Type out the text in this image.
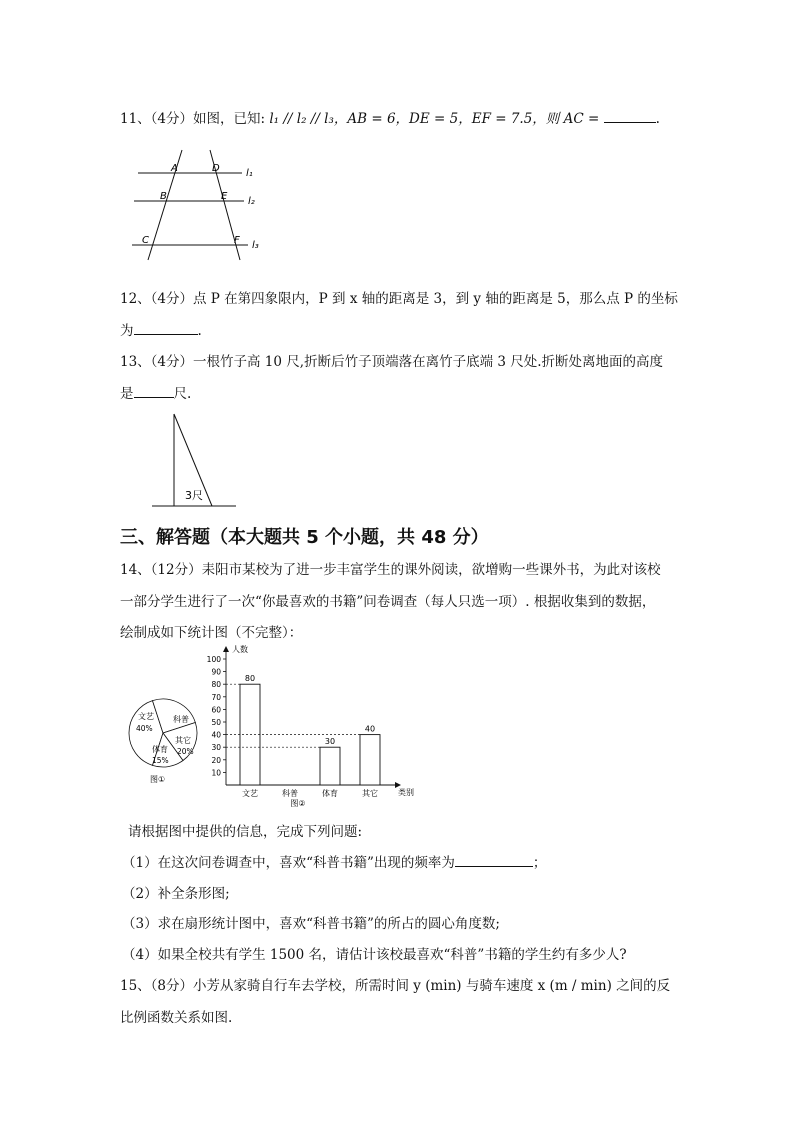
11、（4分）如图，已知: l₁ // l₂ // l₃，AB = 6，DE = 5，EF = 7.5，则 AC =	.
A	D
B	E
C	F
l₁
l₂
l₃
12、（4分）点 P 在第四象限内，P 到 x 轴的距离是 3，到 y 轴的距离是 5，那么点 P 的坐标
为	.
13、（4分）一根竹子高 10 尺,折断后竹子顶端落在离竹子底端 3 尺处.折断处离地面的高度
是	尺.
3尺
三、解答题（本大题共 5 个小题，共 48 分）
14、（12分）耒阳市某校为了进一步丰富学生的课外阅读，欲增购一些课外书，为此对该校
一部分学生进行了一次“你最喜欢的书籍”问卷调查（每人只选一项）. 根据收集到的数据，
绘制成如下统计图（不完整）：
文艺
40%
科普
其它
20%
体育
15%
图①
人数
类别
10
20
30
40
50
60
70
80
90
100
80
文艺	科普
30
体育
40
其它
图②
请根据图中提供的信息，完成下列问题:
（1）在这次问卷调查中，喜欢“科普书籍”出现的频率为	；
（2）补全条形图;
（3）求在扇形统计图中，喜欢“科普书籍”的所占的圆心角度数;
（4）如果全校共有学生 1500 名，请估计该校最喜欢“科普”书籍的学生约有多少人?
15、（8分）小芳从家骑自行车去学校，所需时间 y (min) 与骑车速度 x (m / min) 之间的反
比例函数关系如图.
